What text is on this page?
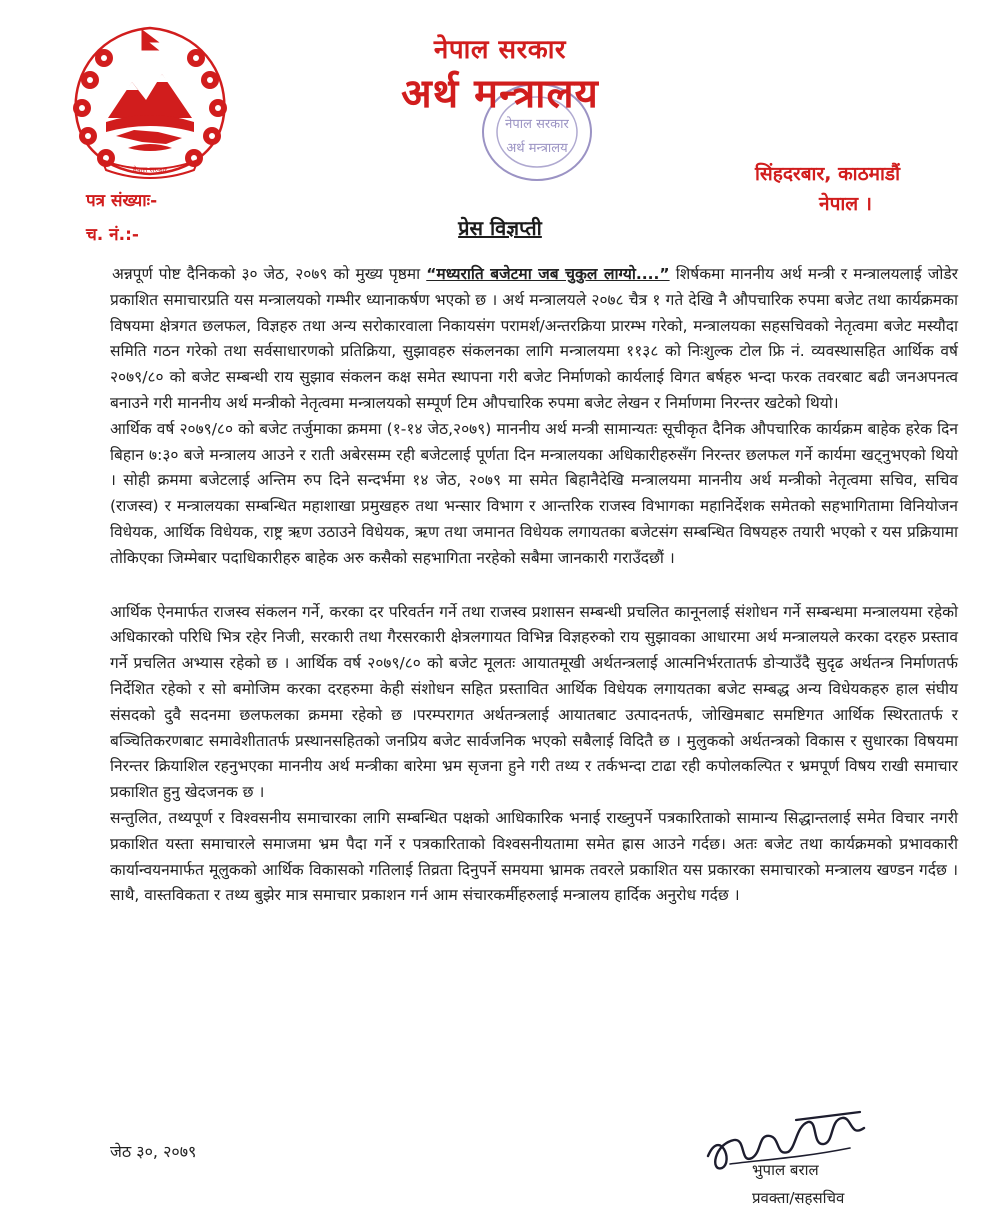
नेपाल सरकार
नेपाल सरकार
अर्थ मन्त्रालय
नेपाल सरकार
अर्थ मन्त्रालय
सिंहदरबार, काठमाडौं
नेपाल ।
पत्र संख्याः-
च. नं.:-	प्रेस विज्ञप्ती

अन्नपूर्ण पोष्ट दैनिकको ३० जेठ, २०७९ को मुख्य पृष्ठमा “मध्यराति बजेटमा जब चुकुल लाग्यो....” शिर्षकमा माननीय अर्थ मन्त्री र मन्त्रालयलाई जोडेर प्रकाशित समाचारप्रति यस मन्त्रालयको गम्भीर ध्यानाकर्षण भएको छ । अर्थ मन्त्रालयले २०७८ चैत्र १ गते देखि नै औपचारिक रुपमा बजेट तथा कार्यक्रमका विषयमा क्षेत्रगत छलफल, विज्ञहरु तथा अन्य सरोकारवाला निकायसंग परामर्श/अन्तरक्रिया प्रारम्भ गरेको, मन्त्रालयका सहसचिवको नेतृत्वमा बजेट मस्यौदा समिति गठन गरेको तथा सर्वसाधारणको प्रतिक्रिया, सुझावहरु संकलनका लागि मन्त्रालयमा ११३८ को निःशुल्क टोल फ्रि नं. व्यवस्थासहित आर्थिक वर्ष २०७९/८० को बजेट सम्बन्धी राय सुझाव संकलन कक्ष समेत स्थापना गरी बजेट निर्माणको कार्यलाई विगत बर्षहरु भन्दा फरक तवरबाट बढी जनअपनत्व बनाउने गरी माननीय अर्थ मन्त्रीको नेतृत्वमा मन्त्रालयको सम्पूर्ण टिम औपचारिक रुपमा बजेट लेखन र निर्माणमा निरन्तर खटेको थियो।

आर्थिक वर्ष २०७९/८० को बजेट तर्जुमाका क्रममा (१-१४ जेठ,२०७९) माननीय अर्थ मन्त्री सामान्यतः सूचीकृत दैनिक औपचारिक कार्यक्रम बाहेक हरेक दिन बिहान ७:३० बजे मन्त्रालय आउने र राती अबेरसम्म रही बजेटलाई पूर्णता दिन मन्त्रालयका अधिकारीहरुसँग निरन्तर छलफल गर्ने कार्यमा खट्नुभएको थियो । सोही क्रममा बजेटलाई अन्तिम रुप दिने सन्दर्भमा १४ जेठ, २०७९ मा समेत बिहानैदेखि मन्त्रालयमा माननीय अर्थ मन्त्रीको नेतृत्वमा सचिव, सचिव (राजस्व) र मन्त्रालयका सम्बन्धित महाशाखा प्रमुखहरु तथा भन्सार विभाग र आन्तरिक राजस्व विभागका महानिर्देशक समेतको सहभागितामा विनियोजन विधेयक, आर्थिक विधेयक, राष्ट्र ऋण उठाउने विधेयक, ऋण तथा जमानत विधेयक लगायतका बजेटसंग सम्बन्धित विषयहरु तयारी भएको र यस प्रक्रियामा तोकिएका जिम्मेबार पदाधिकारीहरु बाहेक अरु कसैको सहभागिता नरहेको सबैमा जानकारी गराउँदछौं ।

आर्थिक ऐनमार्फत राजस्व संकलन गर्ने, करका दर परिवर्तन गर्ने तथा राजस्व प्रशासन सम्बन्धी प्रचलित कानूनलाई संशोधन गर्ने सम्बन्धमा मन्त्रालयमा रहेको अधिकारको परिधि भित्र रहेर निजी, सरकारी तथा गैरसरकारी क्षेत्रलगायत विभिन्न विज्ञहरुको राय सुझावका आधारमा अर्थ मन्त्रालयले करका दरहरु प्रस्ताव गर्ने प्रचलित अभ्यास रहेको छ । आर्थिक वर्ष २०७९/८० को बजेट मूलतः आयातमूखी अर्थतन्त्रलाई आत्मनिर्भरतातर्फ डोऱ्याउँदै सुदृढ अर्थतन्त्र निर्माणतर्फ निर्देशित रहेको र सो बमोजिम करका दरहरुमा केही संशोधन सहित प्रस्तावित आर्थिक विधेयक लगायतका बजेट सम्बद्ध अन्य विधेयकहरु हाल संघीय संसदको दुवै सदनमा छलफलका क्रममा रहेको छ ।परम्परागत अर्थतन्त्रलाई आयातबाट उत्पादनतर्फ, जोखिमबाट समष्टिगत आर्थिक स्थिरतातर्फ र बञ्चितिकरणबाट समावेशीतातर्फ प्रस्थानसहितको जनप्रिय बजेट सार्वजनिक भएको सबैलाई विदितै छ । मुलुकको अर्थतन्त्रको विकास र सुधारका विषयमा निरन्तर क्रियाशिल रहनुभएका माननीय अर्थ मन्त्रीका बारेमा भ्रम सृजना हुने गरी तथ्य र तर्कभन्दा टाढा रही कपोलकल्पित र भ्रमपूर्ण विषय राखी समाचार प्रकाशित हुनु खेदजनक छ ।

सन्तुलित, तथ्यपूर्ण र विश्वसनीय समाचारका लागि सम्बन्धित पक्षको आधिकारिक भनाई राख्नुपर्ने पत्रकारिताको सामान्य सिद्धान्तलाई समेत विचार नगरी प्रकाशित यस्ता समाचारले समाजमा भ्रम पैदा गर्ने र पत्रकारिताको विश्वसनीयतामा समेत ह्रास आउने गर्दछ। अतः बजेट तथा कार्यक्रमको प्रभावकारी कार्यान्वयनमार्फत मूलुकको आर्थिक विकासको गतिलाई तिव्रता दिनुपर्ने समयमा भ्रामक तवरले प्रकाशित यस प्रकारका समाचारको मन्त्रालय खण्डन गर्दछ । साथै, वास्तविकता र तथ्य बुझेर मात्र समाचार प्रकाशन गर्न आम संचारकर्मीहरुलाई मन्त्रालय हार्दिक अनुरोध गर्दछ ।

जेठ ३०, २०७९
भुपाल बराल
प्रवक्ता/सहसचिव
